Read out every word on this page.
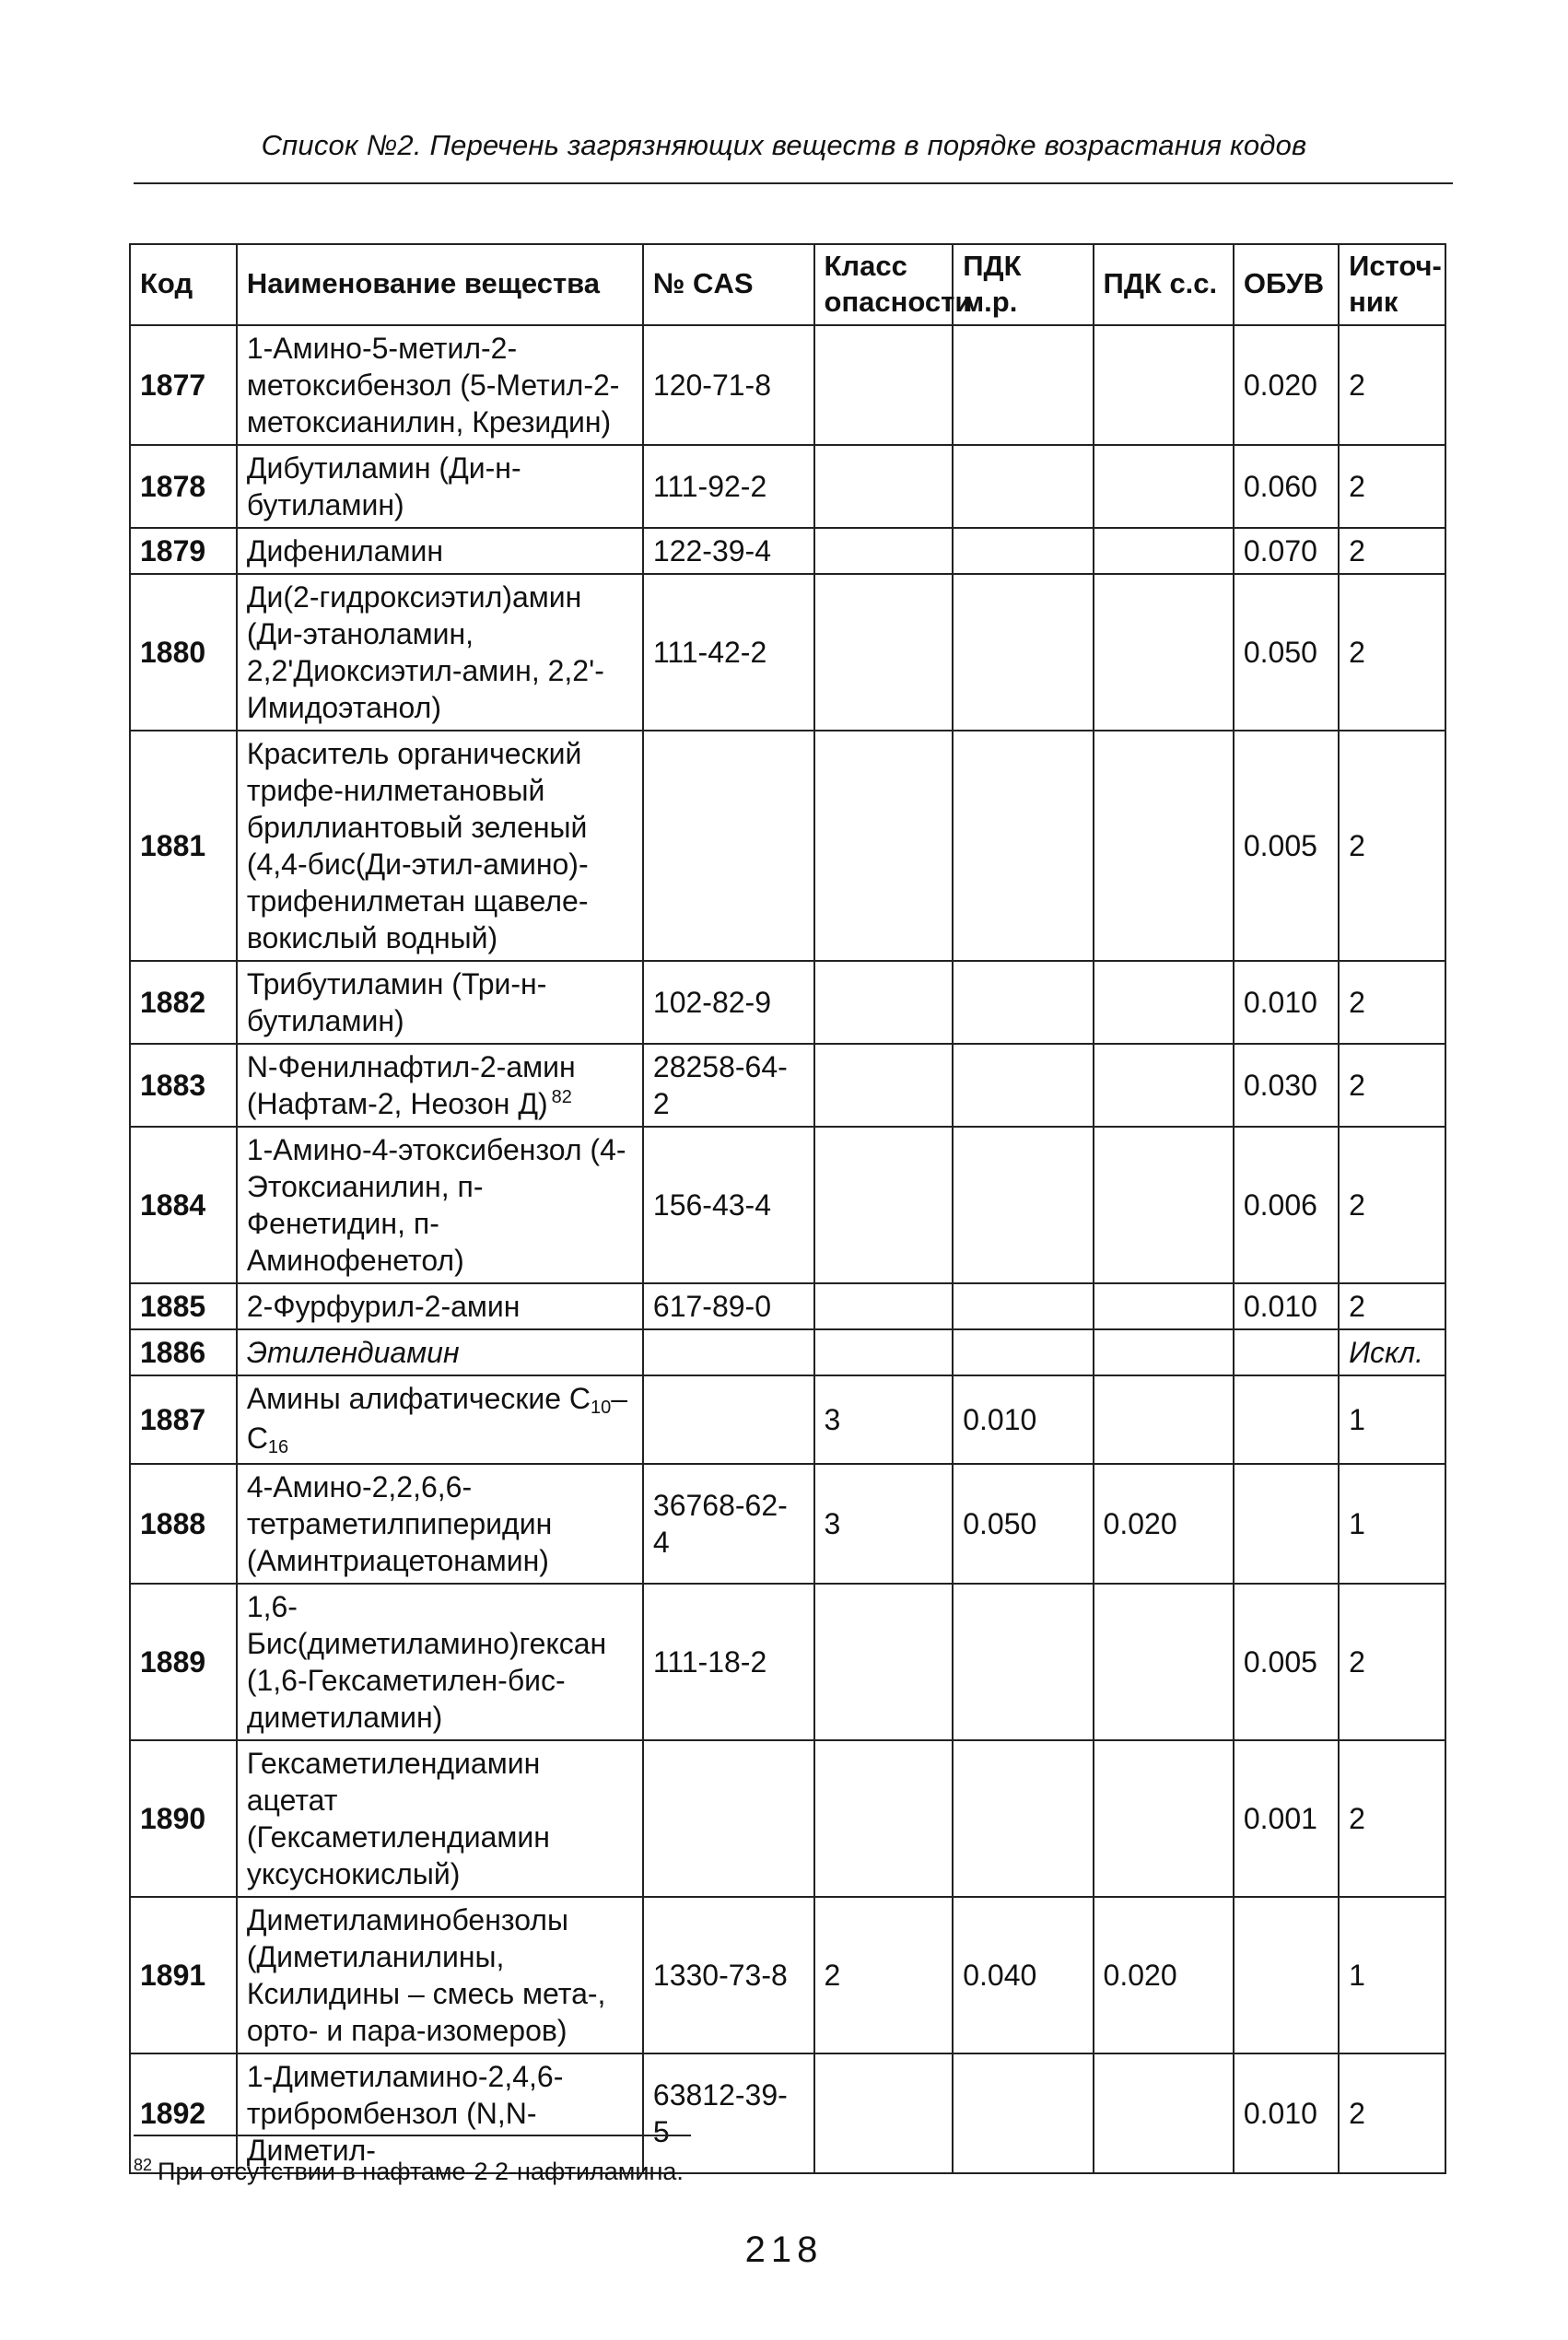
Список №2. Перечень загрязняющих веществ в порядке возрастания кодов
Код	Наименование вещества	№ CAS	Класс опасности	ПДК м.р.	ПДК с.с.	ОБУВ	Источ-ник
1877	1-Амино-5-метил-2-метоксибензол (5-Метил-2-метоксианилин, Крезидин)	120-71-8				0.020	2
1878	Дибутиламин (Ди-н-бутиламин)	111-92-2				0.060	2
1879	Дифениламин	122-39-4				0.070	2
1880	Ди(2-гидроксиэтил)амин (Ди-этаноламин, 2,2'Диоксиэтил-амин, 2,2'-Имидоэтанол)	111-42-2				0.050	2
1881	Краситель органический трифе-нилметановый бриллиантовый зеленый (4,4-бис(Ди-этил-амино)-трифенилметан щавеле-вокислый водный)					0.005	2
1882	Трибутиламин (Три-н-бутиламин)	102-82-9				0.010	2
1883	N-Фенилнафтил-2-амин (Нафтам-2, Неозон Д) $^{82}$	28258-64-2				0.030	2
1884	1-Амино-4-этоксибензол (4-Этоксианилин, п-Фенетидин, п-Аминофенетол)	156-43-4				0.006	2
1885	2-Фурфурил-2-амин	617-89-0				0.010	2
1886	Этилендиамин						Искл.
1887	Амины алифатические $C_{10}-C_{16}$		3	0.010			1
1888	4-Амино-2,2,6,6-тетраметилпиперидин (Аминтриацетонамин)	36768-62-4	3	0.050	0.020		1
1889	1,6-Бис(диметиламино)гексан (1,6-Гексаметилен-бис-диметиламин)	111-18-2				0.005	2
1890	Гексаметилендиамин ацетат (Гексаметилендиамин уксуснокислый)					0.001	2
1891	Диметиламинобензолы (Диметиланилины, Ксилидины – смесь мета-, орто- и пара-изомеров)	1330-73-8	2	0.040	0.020		1
1892	1-Диметиламино-2,4,6-трибромбензол (N,N-Диметил-	63812-39-5				0.010	2
$^{82}$ При отсутствии в нафтаме-2 2-нафтиламина.
218
